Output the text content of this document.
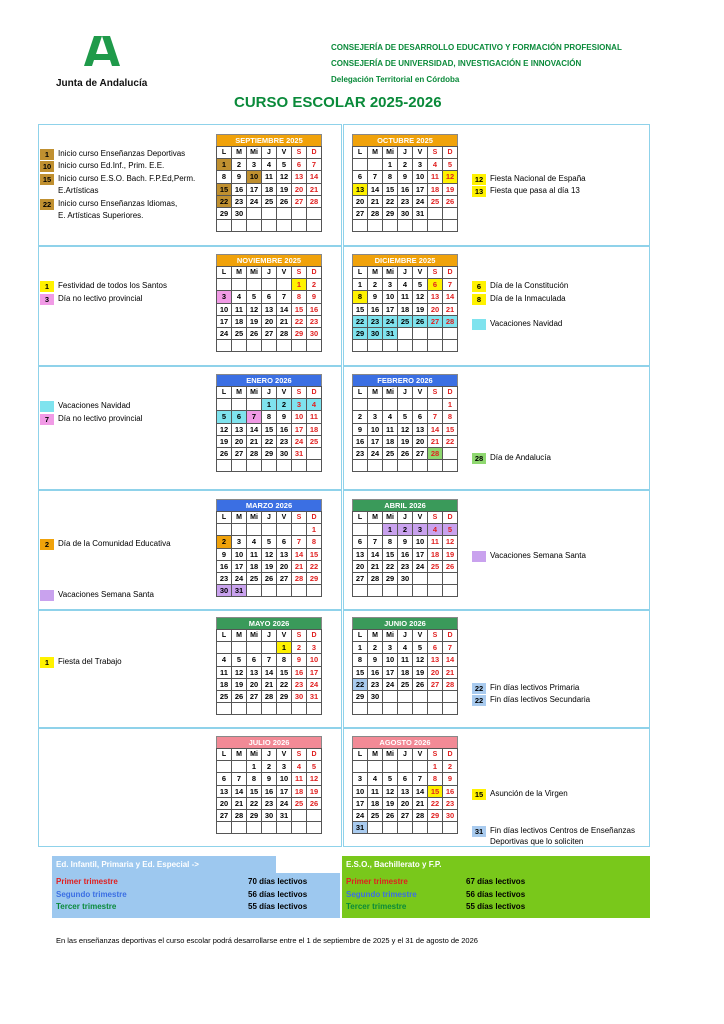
Junta de Andalucía
CONSEJERÍA DE DESARROLLO EDUCATIVO Y FORMACIÓN PROFESIONAL
CONSEJERÍA DE UNIVERSIDAD, INVESTIGACIÓN E INNOVACIÓN
Delegación Territorial en Córdoba
CURSO ESCOLAR 2025-2026
SEPTIEMBRE 2025
L	M	Mi	J	V	S	D
1	2	3	4	5	6	7
8	9	10	11	12	13	14
15	16	17	18	19	20	21
22	23	24	25	26	27	28
29	30					

OCTUBRE 2025
L	M	Mi	J	V	S	D
		1	2	3	4	5
6	7	8	9	10	11	12
13	14	15	16	17	18	19
20	21	22	23	24	25	26
27	28	29	30	31		

NOVIEMBRE 2025
L	M	Mi	J	V	S	D
					1	2
3	4	5	6	7	8	9
10	11	12	13	14	15	16
17	18	19	20	21	22	23
24	25	26	27	28	29	30

DICIEMBRE 2025
L	M	Mi	J	V	S	D
1	2	3	4	5	6	7
8	9	10	11	12	13	14
15	16	17	18	19	20	21
22	23	24	25	26	27	28
29	30	31				

ENERO 2026
L	M	Mi	J	V	S	D
			1	2	3	4
5	6	7	8	9	10	11
12	13	14	15	16	17	18
19	20	21	22	23	24	25
26	27	28	29	30	31	

FEBRERO 2026
L	M	Mi	J	V	S	D
						1
2	3	4	5	6	7	8
9	10	11	12	13	14	15
16	17	18	19	20	21	22
23	24	25	26	27	28	

MARZO 2026
L	M	Mi	J	V	S	D
						1
2	3	4	5	6	7	8
9	10	11	12	13	14	15
16	17	18	19	20	21	22
23	24	25	26	27	28	29
30	31					
ABRIL 2026
L	M	Mi	J	V	S	D
		1	2	3	4	5
6	7	8	9	10	11	12
13	14	15	16	17	18	19
20	21	22	23	24	25	26
27	28	29	30			

MAYO 2026
L	M	Mi	J	V	S	D
				1	2	3
4	5	6	7	8	9	10
11	12	13	14	15	16	17
18	19	20	21	22	23	24
25	26	27	28	29	30	31

JUNIO 2026
L	M	Mi	J	V	S	D
1	2	3	4	5	6	7
8	9	10	11	12	13	14
15	16	17	18	19	20	21
22	23	24	25	26	27	28
29	30					

JULIO 2026
L	M	Mi	J	V	S	D
		1	2	3	4	5
6	7	8	9	10	11	12
13	14	15	16	17	18	19
20	21	22	23	24	25	26
27	28	29	30	31		

AGOSTO 2026
L	M	Mi	J	V	S	D
					1	2
3	4	5	6	7	8	9
10	11	12	13	14	15	16
17	18	19	20	21	22	23
24	25	26	27	28	29	30
31						
1	Inicio curso Enseñanzas Deportivas
10 Inicio curso Ed.Inf., Prim. E.E.
15 Inicio curso E.S.O. Bach. F.P.Ed,Perm.
E.Artísticas
22 Inicio curso Enseñanzas Idiomas,
E. Artísticas Superiores.
12 Fiesta Nacional de España
13 Fiesta que pasa al día 13
1	Festividad de todos los Santos
3	Día no lectivo provincial
6	Día de la Constitución
8	Día de la Inmaculada
Vacaciones Navidad
Vacaciones Navidad
7	Día no lectivo provincial
28 Día de Andalucía
2	Día de la Comunidad Educativa
Vacaciones Semana Santa
Vacaciones Semana Santa
1	Fiesta del Trabajo
22 Fin días lectivos Primaria
22 Fin días lectivos Secundaria
15 Asunción de la Virgen
31 Fin días lectivos Centros de Enseñanzas
Deportivas que lo soliciten
Ed. Infantil, Primaria y Ed. Especial ->
Primer trimestre	70 días lectivos
Segundo trimestre	56 días lectivos
Tercer trimestre	55 días lectivos
E.S.O., Bachillerato y F.P.
Primer trimestre	67 días lectivos
Segundo trimestre	56 días lectivos
Tercer trimestre	55 días lectivos
En las enseñanzas deportivas el curso escolar podrá desarrollarse entre el 1 de septiembre de 2025 y el 31 de agosto de 2026
